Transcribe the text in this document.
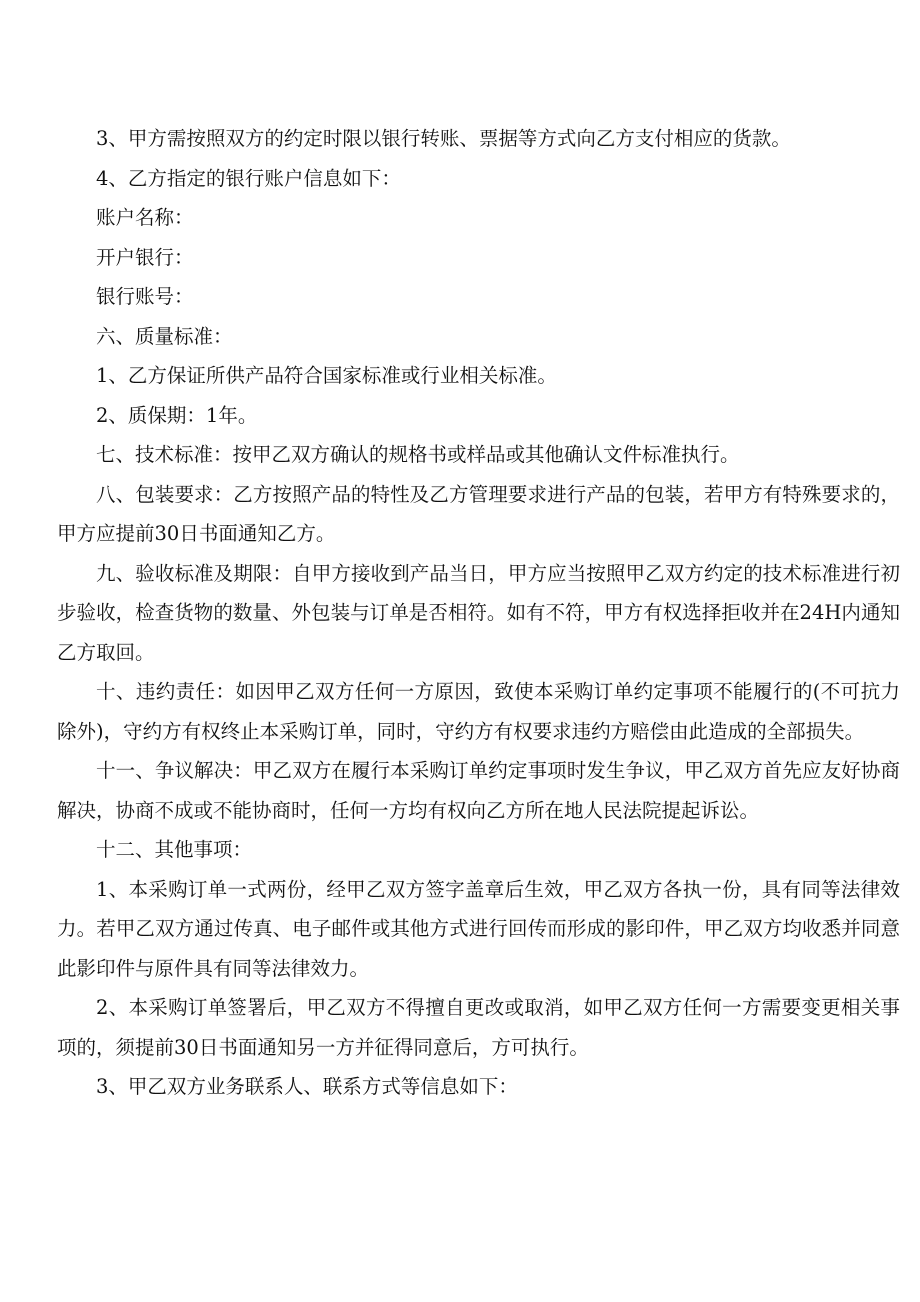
3、甲方需按照双方的约定时限以银行转账、票据等方式向乙方支付相应的货款。

4、乙方指定的银行账户信息如下：

账户名称：

开户银行：

银行账号：

六、质量标准：

1、乙方保证所供产品符合国家标准或行业相关标准。

2、质保期：1年。

七、技术标准：按甲乙双方确认的规格书或样品或其他确认文件标准执行。

八、包装要求：乙方按照产品的特性及乙方管理要求进行产品的包装，若甲方有特殊要求的，甲方应提前30日书面通知乙方。

九、验收标准及期限：自甲方接收到产品当日，甲方应当按照甲乙双方约定的技术标准进行初步验收，检查货物的数量、外包装与订单是否相符。如有不符，甲方有权选择拒收并在24H内通知乙方取回。

十、违约责任：如因甲乙双方任何一方原因，致使本采购订单约定事项不能履行的(不可抗力除外)，守约方有权终止本采购订单，同时，守约方有权要求违约方赔偿由此造成的全部损失。

十一、争议解决：甲乙双方在履行本采购订单约定事项时发生争议，甲乙双方首先应友好协商解决，协商不成或不能协商时，任何一方均有权向乙方所在地人民法院提起诉讼。

十二、其他事项：

1、本采购订单一式两份，经甲乙双方签字盖章后生效，甲乙双方各执一份，具有同等法律效力。若甲乙双方通过传真、电子邮件或其他方式进行回传而形成的影印件，甲乙双方均收悉并同意此影印件与原件具有同等法律效力。

2、本采购订单签署后，甲乙双方不得擅自更改或取消，如甲乙双方任何一方需要变更相关事项的，须提前30日书面通知另一方并征得同意后，方可执行。

3、甲乙双方业务联系人、联系方式等信息如下：
